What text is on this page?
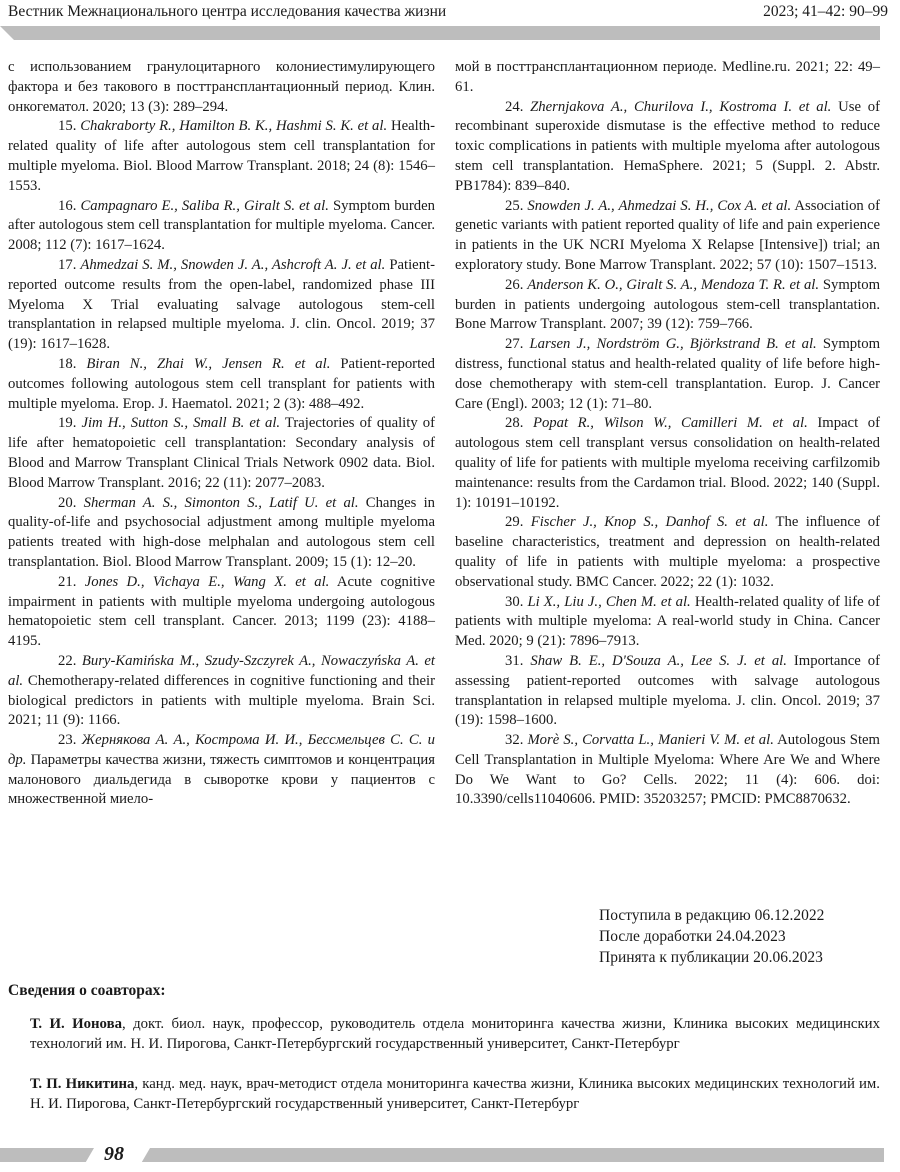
Вестник Межнационального центра исследования качества жизни	2023; 41–42: 90–99

с использованием гранулоцитарного колониестимулирующего фактора и без такового в посттрансплантационный период. Клин. онкогематол. 2020; 13 (3): 289–294.

15. Chakraborty R., Hamilton B. K., Hashmi S. K. et al. Health-related quality of life after autologous stem cell transplantation for multiple myeloma. Biol. Blood Marrow Transplant. 2018; 24 (8): 1546–1553.

16. Campagnaro E., Saliba R., Giralt S. et al. Symptom burden after autologous stem cell transplantation for multiple myeloma. Cancer. 2008; 112 (7): 1617–1624.

17. Ahmedzai S. M., Snowden J. A., Ashcroft A. J. et al. Patient-reported outcome results from the open-label, randomized phase III Myeloma X Trial evaluating salvage autologous stem-cell transplantation in relapsed multiple myeloma. J. clin. Oncol. 2019; 37 (19): 1617–1628.

18. Biran N., Zhai W., Jensen R. et al. Patient-reported outcomes following autologous stem cell transplant for patients with multiple myeloma. Erop. J. Haematol. 2021; 2 (3): 488–492.

19. Jim H., Sutton S., Small B. et al. Trajectories of quality of life after hematopoietic cell transplantation: Secondary analysis of Blood and Marrow Transplant Clinical Trials Network 0902 data. Biol. Blood Marrow Transplant. 2016; 22 (11): 2077–2083.

20. Sherman A. S., Simonton S., Latif U. et al. Changes in quality-of-life and psychosocial adjustment among multiple myeloma patients treated with high-dose melphalan and autologous stem cell transplantation. Biol. Blood Marrow Transplant. 2009; 15 (1): 12–20.

21. Jones D., Vichaya E., Wang X. et al. Acute cognitive impairment in patients with multiple myeloma undergoing autologous hematopoietic stem cell transplant. Cancer. 2013; 1199 (23): 4188–4195.

22. Bury-Kamińska M., Szudy-Szczyrek A., Nowaczyńska A. et al. Chemotherapy-related differences in cognitive functioning and their biological predictors in patients with multiple myeloma. Brain Sci. 2021; 11 (9): 1166.

23. Жернякова А. А., Кострома И. И., Бессмельцев С. С. и др. Параметры качества жизни, тяжесть симптомов и концентрация малонового диальдегида в сыворотке крови у пациентов с множественной миело-

мой в посттрансплантационном периоде. Medline.ru. 2021; 22: 49–61.

24. Zhernjakova A., Churilova I., Kostroma I. et al. Use of recombinant superoxide dismutase is the effective method to reduce toxic complications in patients with multiple myeloma after autologous stem cell transplantation. HemaSphere. 2021; 5 (Suppl. 2. Abstr. PB1784): 839–840.

25. Snowden J. A., Ahmedzai S. H., Cox A. et al. Association of genetic variants with patient reported quality of life and pain experience in patients in the UK NCRI Myeloma X Relapse [Intensive]) trial; an exploratory study. Bone Marrow Transplant. 2022; 57 (10): 1507–1513.

26. Anderson K. O., Giralt S. A., Mendoza T. R. et al. Symptom burden in patients undergoing autologous stem-cell transplantation. Bone Marrow Transplant. 2007; 39 (12): 759–766.

27. Larsen J., Nordström G., Björkstrand B. et al. Symptom distress, functional status and health-related quality of life before high-dose chemotherapy with stem-cell transplantation. Europ. J. Cancer Care (Engl). 2003; 12 (1): 71–80.

28. Popat R., Wilson W., Camilleri M. et al. Impact of autologous stem cell transplant versus consolidation on health-related quality of life for patients with multiple myeloma receiving carfilzomib maintenance: results from the Cardamon trial. Blood. 2022; 140 (Suppl. 1): 10191–10192.

29. Fischer J., Knop S., Danhof S. et al. The influence of baseline characteristics, treatment and depression on health-related quality of life in patients with multiple myeloma: a prospective observational study. BMC Cancer. 2022; 22 (1): 1032.

30. Li X., Liu J., Chen M. et al. Health-related quality of life of patients with multiple myeloma: A real-world study in China. Cancer Med. 2020; 9 (21): 7896–7913.

31. Shaw B. E., D'Souza A., Lee S. J. et al. Importance of assessing patient-reported outcomes with salvage autologous transplantation in relapsed multiple myeloma. J. clin. Oncol. 2019; 37 (19): 1598–1600.

32. Morè S., Corvatta L., Manieri V. M. et al. Autologous Stem Cell Transplantation in Multiple Myeloma: Where Are We and Where Do We Want to Go? Cells. 2022; 11 (4): 606. doi: 10.3390/cells11040606. PMID: 35203257; PMCID: PMC8870632.

Поступила в редакцию 06.12.2022
После доработки 24.04.2023
Принята к публикации 20.06.2023
Сведения о соавторах:
Т. И. Ионова, докт. биол. наук, профессор, руководитель отдела мониторинга качества жизни, Клиника высоких медицинских технологий им. Н. И. Пирогова, Санкт-Петербургский государственный университет, Санкт-Петербург
Т. П. Никитина, канд. мед. наук, врач-методист отдела мониторинга качества жизни, Клиника высоких медицинских технологий им. Н. И. Пирогова, Санкт-Петербургский государственный университет, Санкт-Петербург
98
